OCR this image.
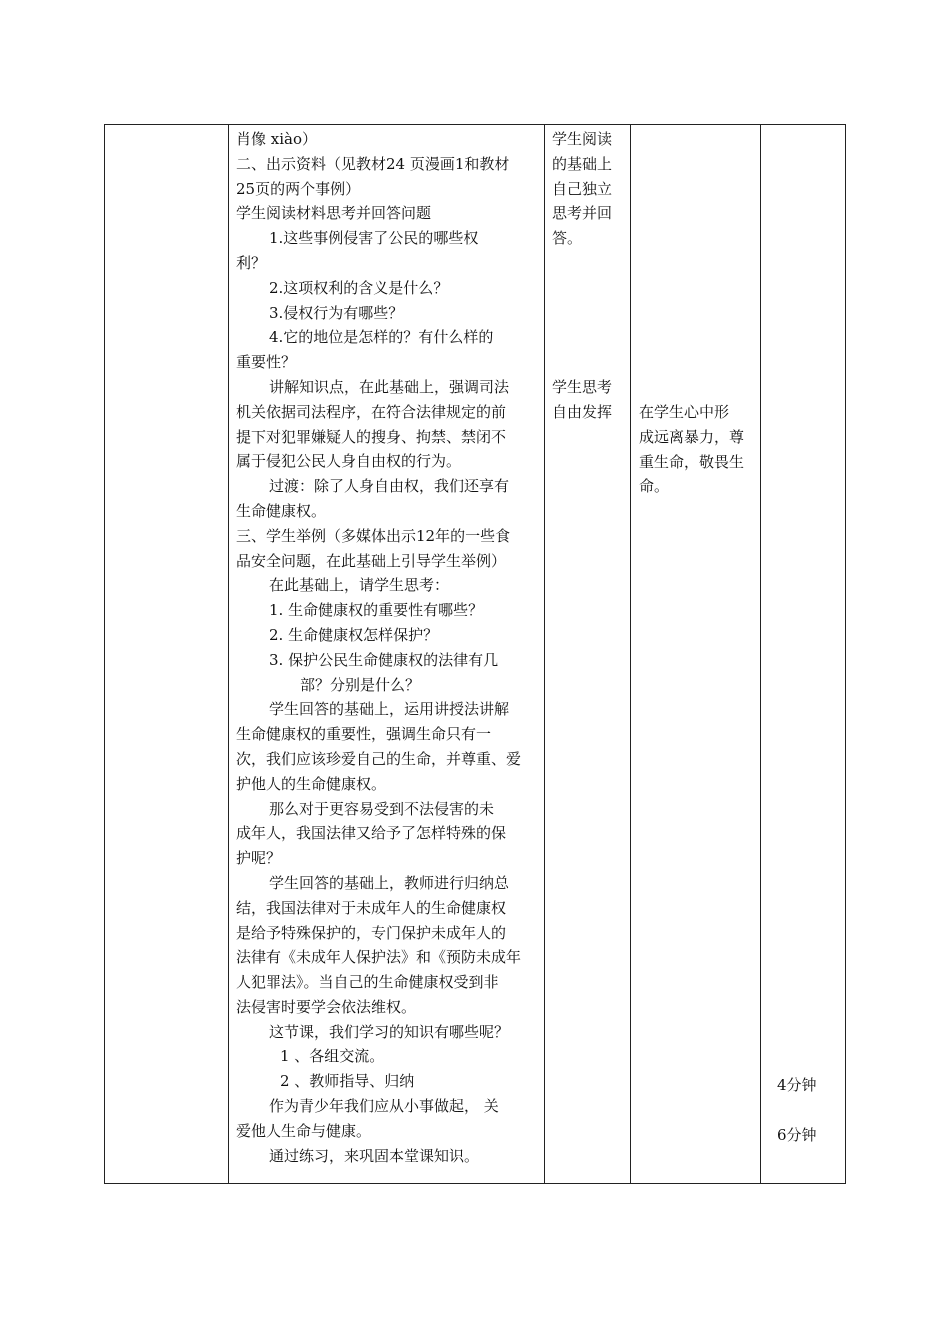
肖像 xiào）
二、出示资料（见教材24 页漫画1和教材
25页的两个事例）
学生阅读材料思考并回答问题
1.这些事例侵害了公民的哪些权
利？
2.这项权利的含义是什么？
3.侵权行为有哪些？
4.它的地位是怎样的？有什么样的
重要性？
讲解知识点，在此基础上，强调司法
机关依据司法程序，在符合法律规定的前
提下对犯罪嫌疑人的搜身、拘禁、禁闭不
属于侵犯公民人身自由权的行为。
过渡：除了人身自由权，我们还享有
生命健康权。
三、学生举例（多媒体出示12年的一些食
品安全问题，在此基础上引导学生举例）
在此基础上，请学生思考：
1. 生命健康权的重要性有哪些？
2. 生命健康权怎样保护？
3. 保护公民生命健康权的法律有几
部？分别是什么？
学生回答的基础上，运用讲授法讲解
生命健康权的重要性，强调生命只有一
次，我们应该珍爱自己的生命，并尊重、爱
护他人的生命健康权。
那么对于更容易受到不法侵害的未
成年人，我国法律又给予了怎样特殊的保
护呢？
学生回答的基础上，教师进行归纳总
结，我国法律对于未成年人的生命健康权
是给予特殊保护的，专门保护未成年人的
法律有《未成年人保护法》和《预防未成年
人犯罪法》。当自己的生命健康权受到非
法侵害时要学会依法维权。
这节课，我们学习的知识有哪些呢？
1 、各组交流。
2 、教师指导、归纳
作为青少年我们应从小事做起， 关
爱他人生命与健康。
通过练习，来巩固本堂课知识。
学生阅读
的基础上
自己独立
思考并回
答。
学生思考
自由发挥 在学生心中形
成远离暴力，尊
重生命，敬畏生
命。
4分钟
6分钟
